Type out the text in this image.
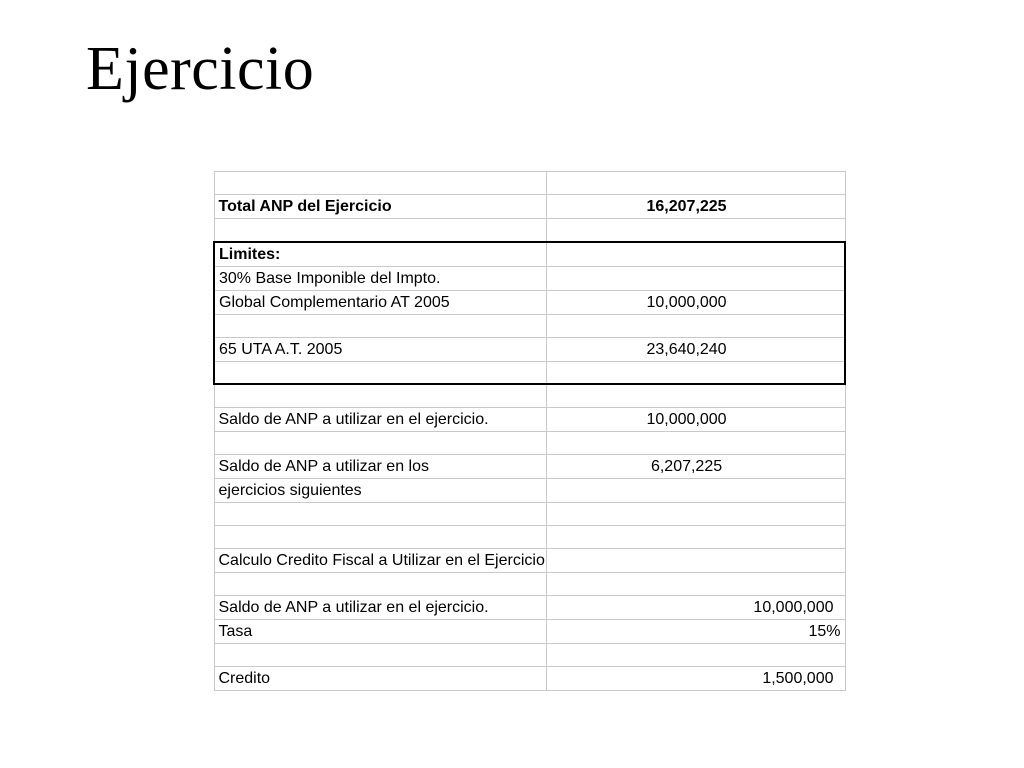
Ejercicio

Total ANP del Ejercicio	16,207,225

Limites:	
30% Base Imponible del Impto.	
Global Complementario AT 2005	10,000,000

65 UTA A.T. 2005	23,640,240

Saldo de ANP a utilizar en el ejercicio.	10,000,000

Saldo de ANP a utilizar en los	6,207,225
ejercicios siguientes	

Calculo Credito Fiscal a Utilizar en el Ejercicio	

Saldo de ANP a utilizar en el ejercicio.	10,000,000
Tasa	15%

Credito	1,500,000
